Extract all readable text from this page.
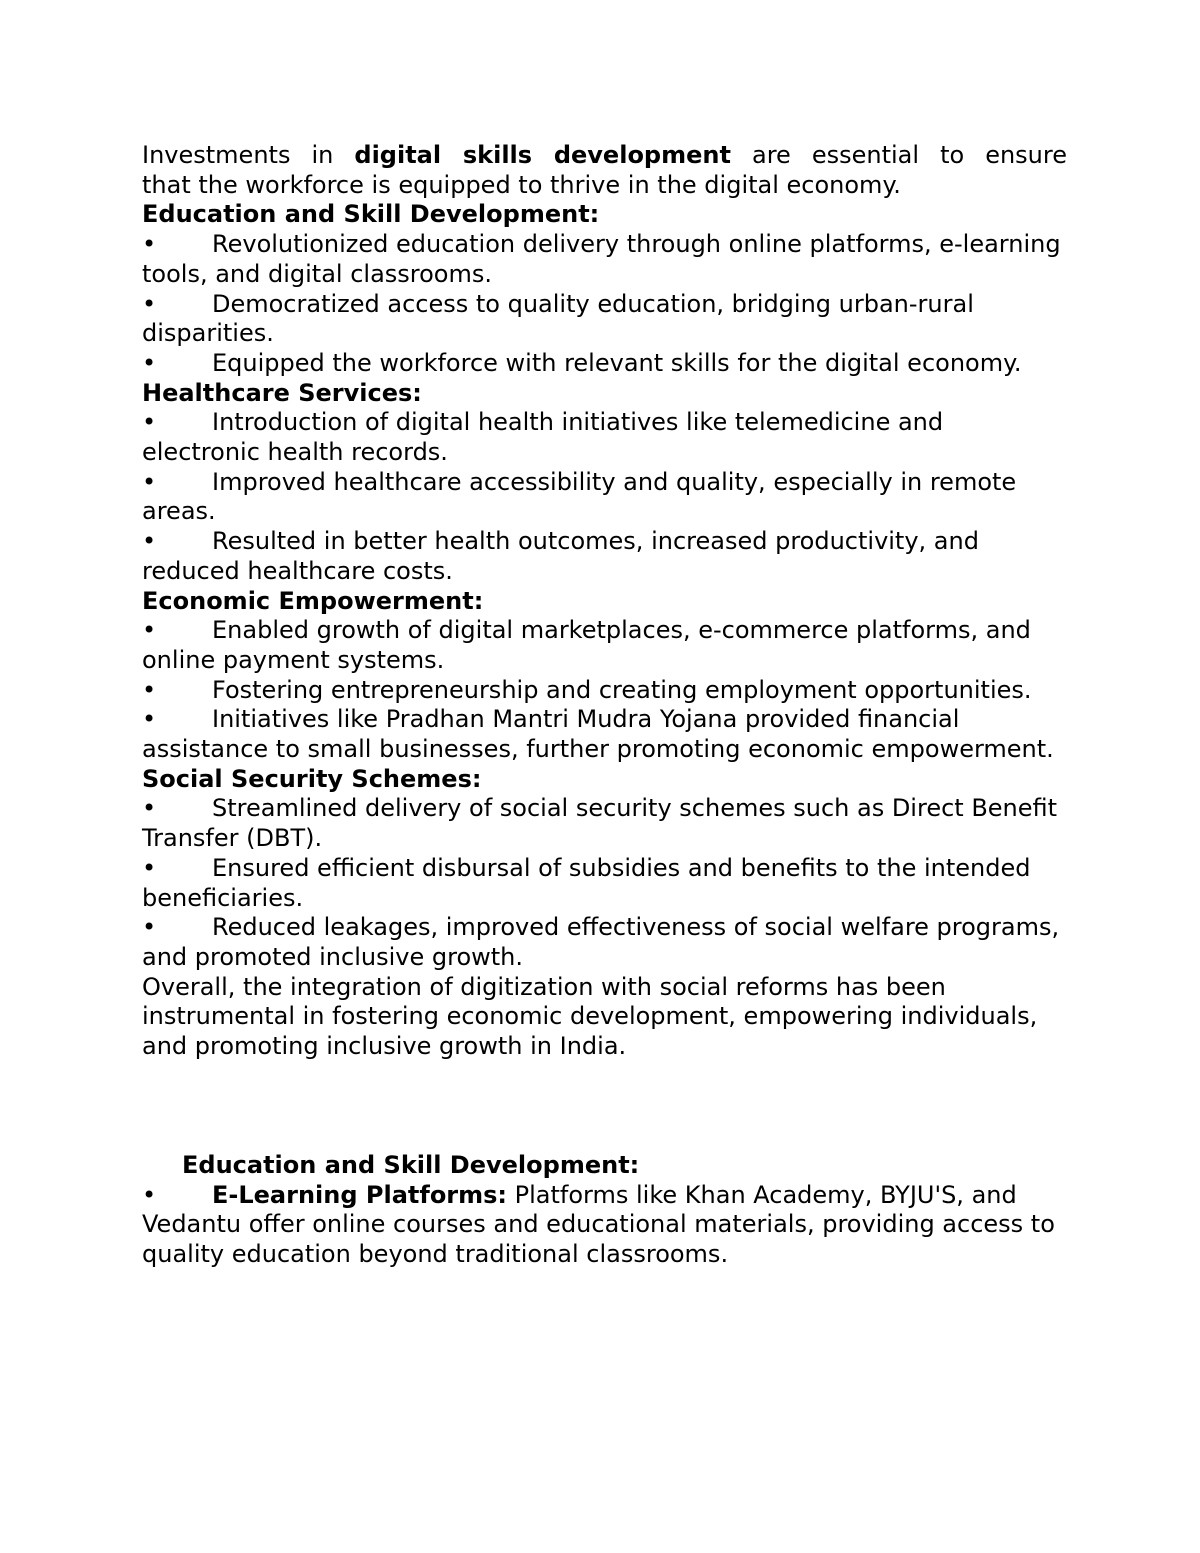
Investments in digital skills development are essential to ensure

that the workforce is equipped to thrive in the digital economy.

Education and Skill Development:

• Revolutionized education delivery through online platforms, e-learning tools, and digital classrooms.

• Democratized access to quality education, bridging urban-rural disparities.

• Equipped the workforce with relevant skills for the digital economy.

Healthcare Services:

• Introduction of digital health initiatives like telemedicine and electronic health records.

• Improved healthcare accessibility and quality, especially in remote areas.

• Resulted in better health outcomes, increased productivity, and reduced healthcare costs.

Economic Empowerment:

• Enabled growth of digital marketplaces, e-commerce platforms, and online payment systems.

• Fostering entrepreneurship and creating employment opportunities.

• Initiatives like Pradhan Mantri Mudra Yojana provided financial assistance to small businesses, further promoting economic empowerment.

Social Security Schemes:

• Streamlined delivery of social security schemes such as Direct Benefit Transfer (DBT).

• Ensured efficient disbursal of subsidies and benefits to the intended beneficiaries.

• Reduced leakages, improved effectiveness of social welfare programs, and promoted inclusive growth.

Overall, the integration of digitization with social reforms has been instrumental in fostering economic development, empowering individuals, and promoting inclusive growth in India.

Education and Skill Development:

• E-Learning Platforms: Platforms like Khan Academy, BYJU'S, and Vedantu offer online courses and educational materials, providing access to quality education beyond traditional classrooms.
